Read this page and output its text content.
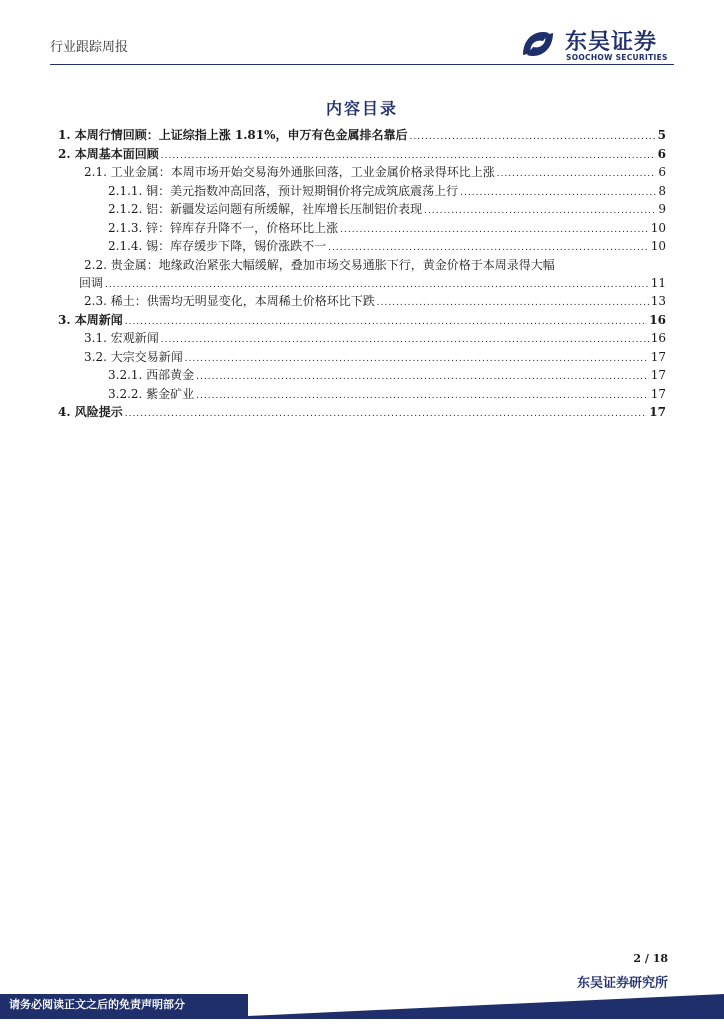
行业跟踪周报	东吴证券
SOOCHOW SECURITIES
内容目录
1. 本周行情回顾：上证综指上涨 1.81%，申万有色金属排名靠后 .....	5
2. 本周基本面回顾 .....	6
2.1. 工业金属：本周市场开始交易海外通胀回落，工业金属价格录得环比上涨 .....	6
2.1.1. 铜：美元指数冲高回落，预计短期铜价将完成筑底震荡上行 .....	8
2.1.2. 铝：新疆发运问题有所缓解，社库增长压制铝价表现 .....	9
2.1.3. 锌：锌库存升降不一，价格环比上涨 .....	10
2.1.4. 锡：库存缓步下降，锡价涨跌不一 .....	10
2.2. 贵金属：地缘政治紧张大幅缓解，叠加市场交易通胀下行，黄金价格于本周录得大幅
回调 .....	11
2.3. 稀土：供需均无明显变化，本周稀土价格环比下跌 .....	13
3. 本周新闻 .....	16
3.1. 宏观新闻 .....	16
3.2. 大宗交易新闻 .....	17
3.2.1. 西部黄金 .....	17
3.2.2. 紫金矿业 .....	17
4. 风险提示 .....	17
2 / 18
东吴证券研究所
请务必阅读正文之后的免责声明部分
